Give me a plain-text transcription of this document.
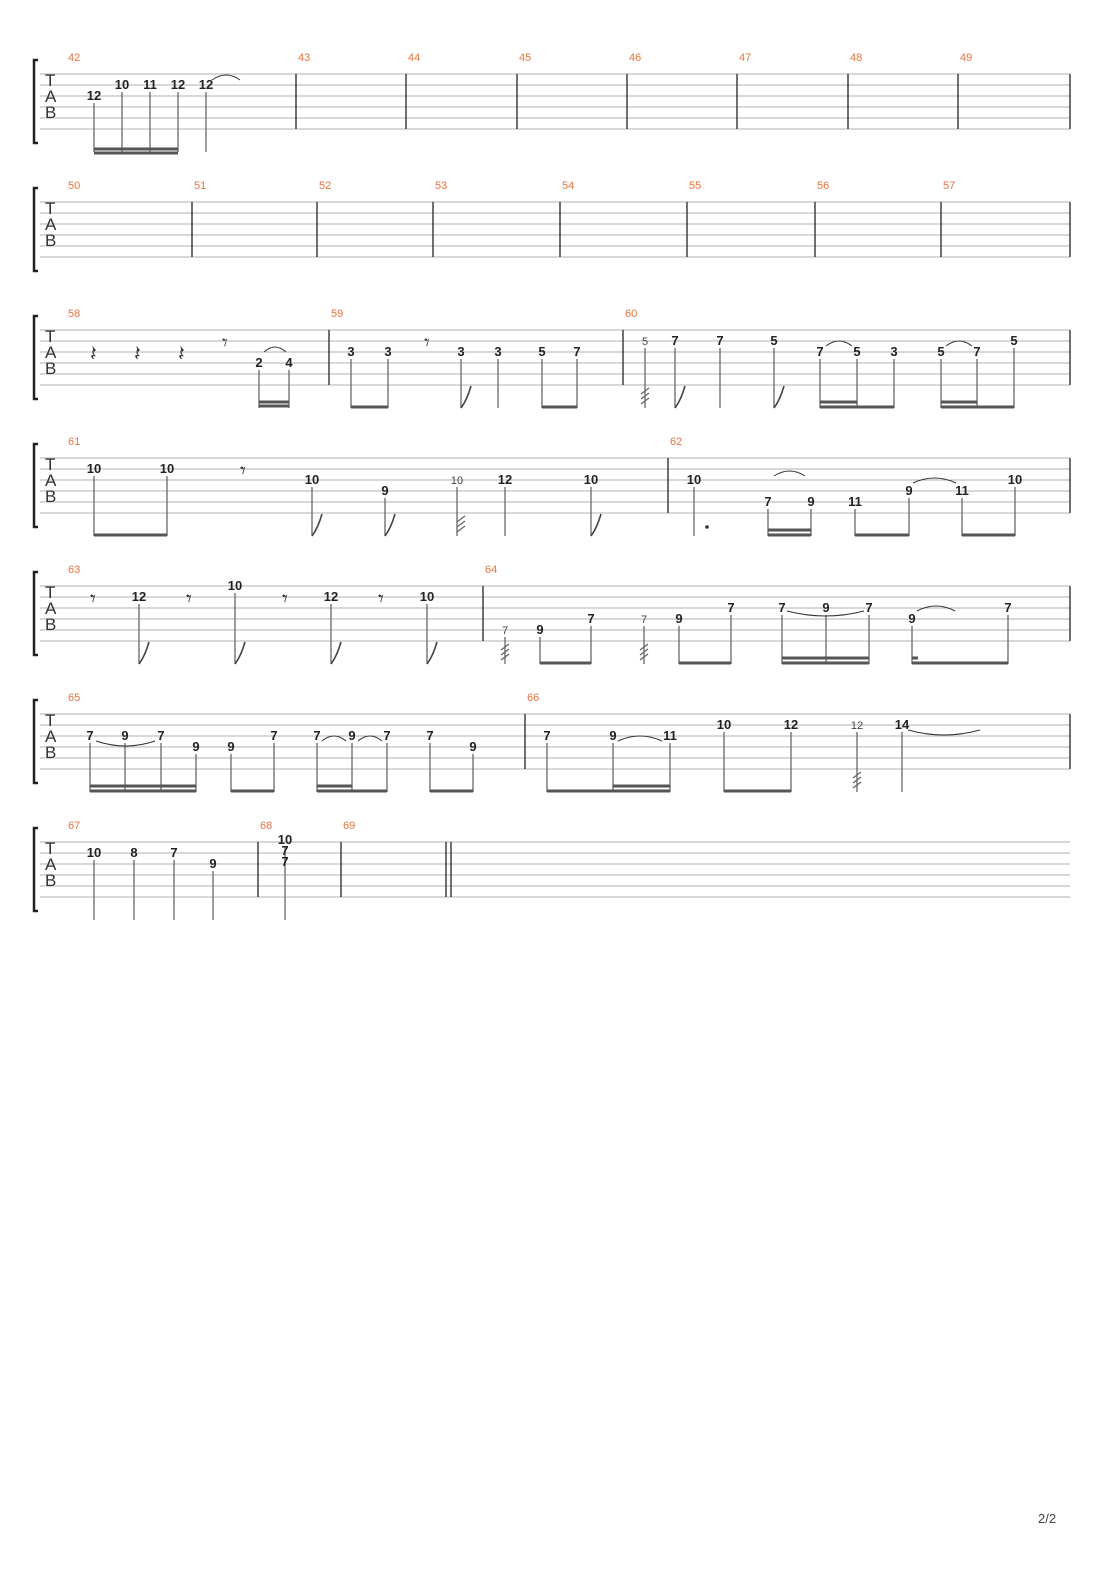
T
A
B
42	43	44	45	46	47	48	49
12
10 11 12 12
𝄽 𝄽 𝄽 𝄾	𝄾
T
A
B
50	51	52	53	54	55	56	57
T
A
B
58	59	60
2 4
3 3	3 3	5 7
5 7	7	5
7 5 3	5 7
5
T
A
B
61	62
10	10
10
9
10	12	10	10
7	9	11
9	11
10
𝄾
T
A
B
63	64
12
10
12	10
7 9
7	7 9
7	7	9	7
9
7
𝄾	𝄾	𝄾	𝄾
T
A
B
65	66
7 9 7
9 9
7	7 9 7	7
9
7	9	11
10	12	12 14
T
A
B
67	68	69
10 8	7
9
10
7
7
2/2
